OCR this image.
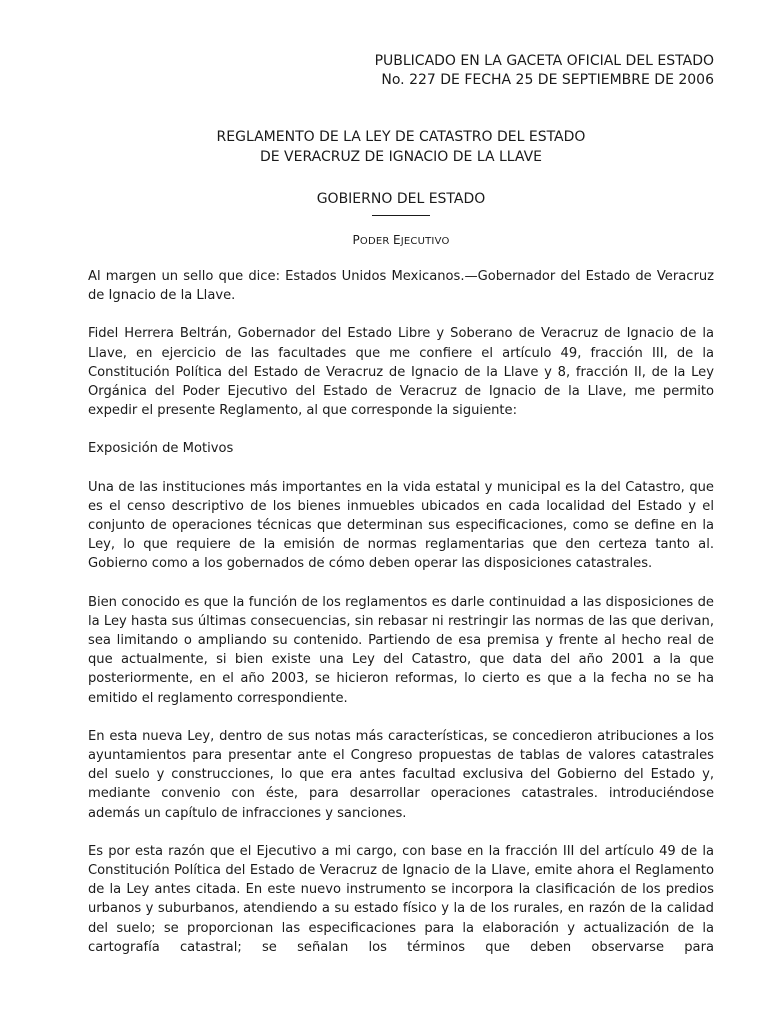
PUBLICADO EN LA GACETA OFICIAL DEL ESTADO
No. 227 DE FECHA 25 DE SEPTIEMBRE DE 2006
REGLAMENTO DE LA LEY DE CATASTRO DEL ESTADO
DE VERACRUZ DE IGNACIO DE LA LLAVE
GOBIERNO DEL ESTADO
PODER EJECUTIVO

Al margen un sello que dice: Estados Unidos Mexicanos.—Gobernador del Estado de Veracruz de Ignacio de la Llave.

Fidel Herrera Beltrán, Gobernador del Estado Libre y Soberano de Veracruz de Ignacio de la Llave, en ejercicio de las facultades que me confiere el artículo 49, fracción III, de la Constitución Política del Estado de Veracruz de Ignacio de la Llave y 8, fracción II, de la Ley Orgánica del Poder Ejecutivo del Estado de Veracruz de Ignacio de la Llave, me permito expedir el presente Reglamento, al que corresponde la siguiente:

Exposición de Motivos

Una de las instituciones más importantes en la vida estatal y municipal es la del Catastro, que es el censo descriptivo de los bienes inmuebles ubicados en cada localidad del Estado y el conjunto de operaciones técnicas que determinan sus especificaciones, como se define en la Ley, lo que requiere de la emisión de normas reglamentarias que den certeza tanto al. Gobierno como a los gobernados de cómo deben operar las disposiciones catastrales.

Bien conocido es que la función de los reglamentos es darle continuidad a las disposiciones de la Ley hasta sus últimas consecuencias, sin rebasar ni restringir las normas de las que derivan, sea limitando o ampliando su contenido. Partiendo de esa premisa y frente al hecho real de que actualmente, si bien existe una Ley del Catastro, que data del año 2001 a la que posteriormente, en el año 2003, se hicieron reformas, lo cierto es que a la fecha no se ha emitido el reglamento correspondiente.

En esta nueva Ley, dentro de sus notas más características, se concedieron atribuciones a los ayuntamientos para presentar ante el Congreso propuestas de tablas de valores catastrales del suelo y construcciones, lo que era antes facultad exclusiva del Gobierno del Estado y, mediante convenio con éste, para desarrollar operaciones catastrales. introduciéndose además un capítulo de infracciones y sanciones.

Es por esta razón que el Ejecutivo a mi cargo, con base en la fracción III del artículo 49 de la Constitución Política del Estado de Veracruz de Ignacio de la Llave, emite ahora el Reglamento de la Ley antes citada. En este nuevo instrumento se incorpora la clasificación de los predios urbanos y suburbanos, atendiendo a su estado físico y la de los rurales, en razón de la calidad del suelo; se proporcionan las especificaciones para la elaboración y actualización de la cartografía catastral; se señalan los términos que deben observarse para
